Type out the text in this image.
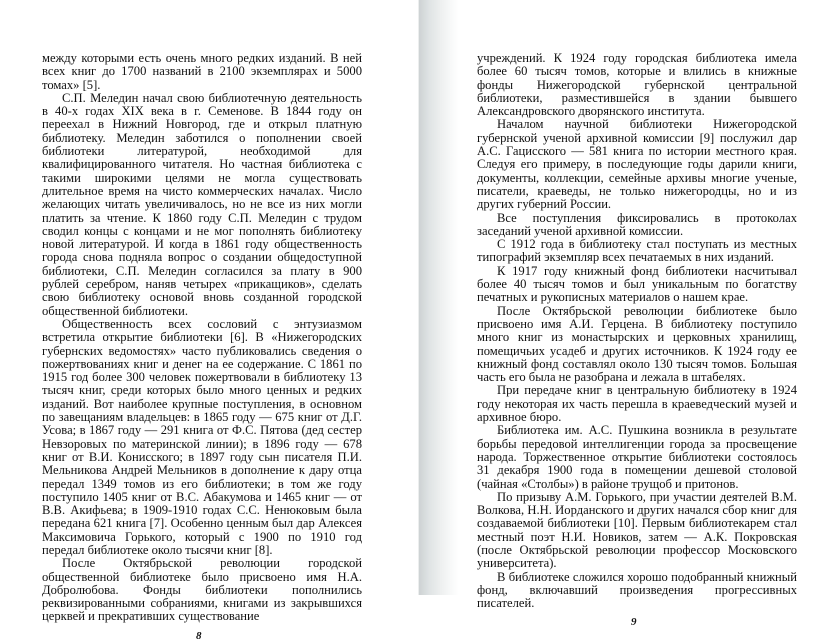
между которыми есть очень много редких изданий. В ней всех книг до 1700 названий в 2100 экземплярах и 5000 томах» [5].

С.П. Меледин начал свою библиотечную деятельность в 40-х годах XIX века в г. Семенове. В 1844 году он переехал в Нижний Новгород, где и открыл платную библиотеку. Меледин заботился о пополнении своей библиотеки литературой, необходимой для квалифицированного читателя. Но частная библиотека с такими широкими целями не могла существовать длительное время на чисто коммерческих началах. Число желающих читать увеличивалось, но не все из них могли платить за чтение. К 1860 году С.П. Меледин с трудом сводил концы с концами и не мог пополнять библиотеку новой литературой. И когда в 1861 году общественность города снова подняла вопрос о создании общедоступной библиотеки, С.П. Меледин согласился за плату в 900 рублей серебром, наняв четырех «прикащиков», сделать свою библиотеку основой вновь созданной городской общественной библиотеки.

Общественность всех сословий с энтузиазмом встретила открытие библиотеки [6]. В «Нижегородских губернских ведомостях» часто публиковались сведения о пожертвованиях книг и денег на ее содержание. С 1861 по 1915 год более 300 человек пожертвовали в библиотеку 13 тысяч книг, среди которых было много ценных и редких изданий. Вот наиболее крупные поступления, в основном по завещаниям владельцев: в 1865 году — 675 книг от Д.Г. Усова; в 1867 году — 291 книга от Ф.С. Пятова (дед сестер Невзоровых по материнской линии); в 1896 году — 678 книг от В.И. Конисского; в 1897 году сын писателя П.И. Мельникова Андрей Мельников в дополнение к дару отца передал 1349 томов из его библиотеки; в том же году поступило 1405 книг от В.С. Абакумова и 1465 книг — от В.В. Акифьева; в 1909-1910 годах С.С. Ненюковым была передана 621 книга [7]. Особенно ценным был дар Алексея Максимовича Горького, который с 1900 по 1910 год передал библиотеке около тысячи книг [8].

После Октябрьской революции городской общественной библиотеке было присвоено имя Н.А. Добролюбова. Фонды библиотеки пополнились реквизированными собраниями, книгами из закрывшихся церквей и прекративших существование

8

учреждений. К 1924 году городская библиотека имела более 60 тысяч томов, которые и влились в книжные фонды Нижегородской губернской центральной библиотеки, разместившейся в здании бывшего Александровского дворянского института.

Началом научной библиотеки Нижегородской губернской ученой архивной комиссии [9] послужил дар А.С. Гацисского — 581 книга по истории местного края. Следуя его примеру, в последующие годы дарили книги, документы, коллекции, семейные архивы многие ученые, писатели, краеведы, не только нижегородцы, но и из других губерний России.

Все поступления фиксировались в протоколах заседаний ученой архивной комиссии.

С 1912 года в библиотеку стал поступать из местных типографий экземпляр всех печатаемых в них изданий.

К 1917 году книжный фонд библиотеки насчитывал более 40 тысяч томов и был уникальным по богатству печатных и рукописных материалов о нашем крае.

После Октябрьской революции библиотеке было присвоено имя А.И. Герцена. В библиотеку поступило много книг из монастырских и церковных хранилищ, помещичьих усадеб и других источников. К 1924 году ее книжный фонд составлял около 130 тысяч томов. Большая часть его была не разобрана и лежала в штабелях.

При передаче книг в центральную библиотеку в 1924 году некоторая их часть перешла в краеведческий музей и архивное бюро.

Библиотека им. А.С. Пушкина возникла в результате борьбы передовой интеллигенции города за просвещение народа. Торжественное открытие библиотеки состоялось 31 декабря 1900 года в помещении дешевой столовой (чайная «Столбы») в районе трущоб и притонов.

По призыву А.М. Горького, при участии деятелей В.М. Волкова, Н.Н. Иорданского и других начался сбор книг для создаваемой библиотеки [10]. Первым библиотекарем стал местный поэт Н.И. Новиков, затем — А.К. Покровская (после Октябрьской революции профессор Московского университета).

В библиотеке сложился хорошо подобранный книжный фонд, включавший произведения прогрессивных писателей.

9
